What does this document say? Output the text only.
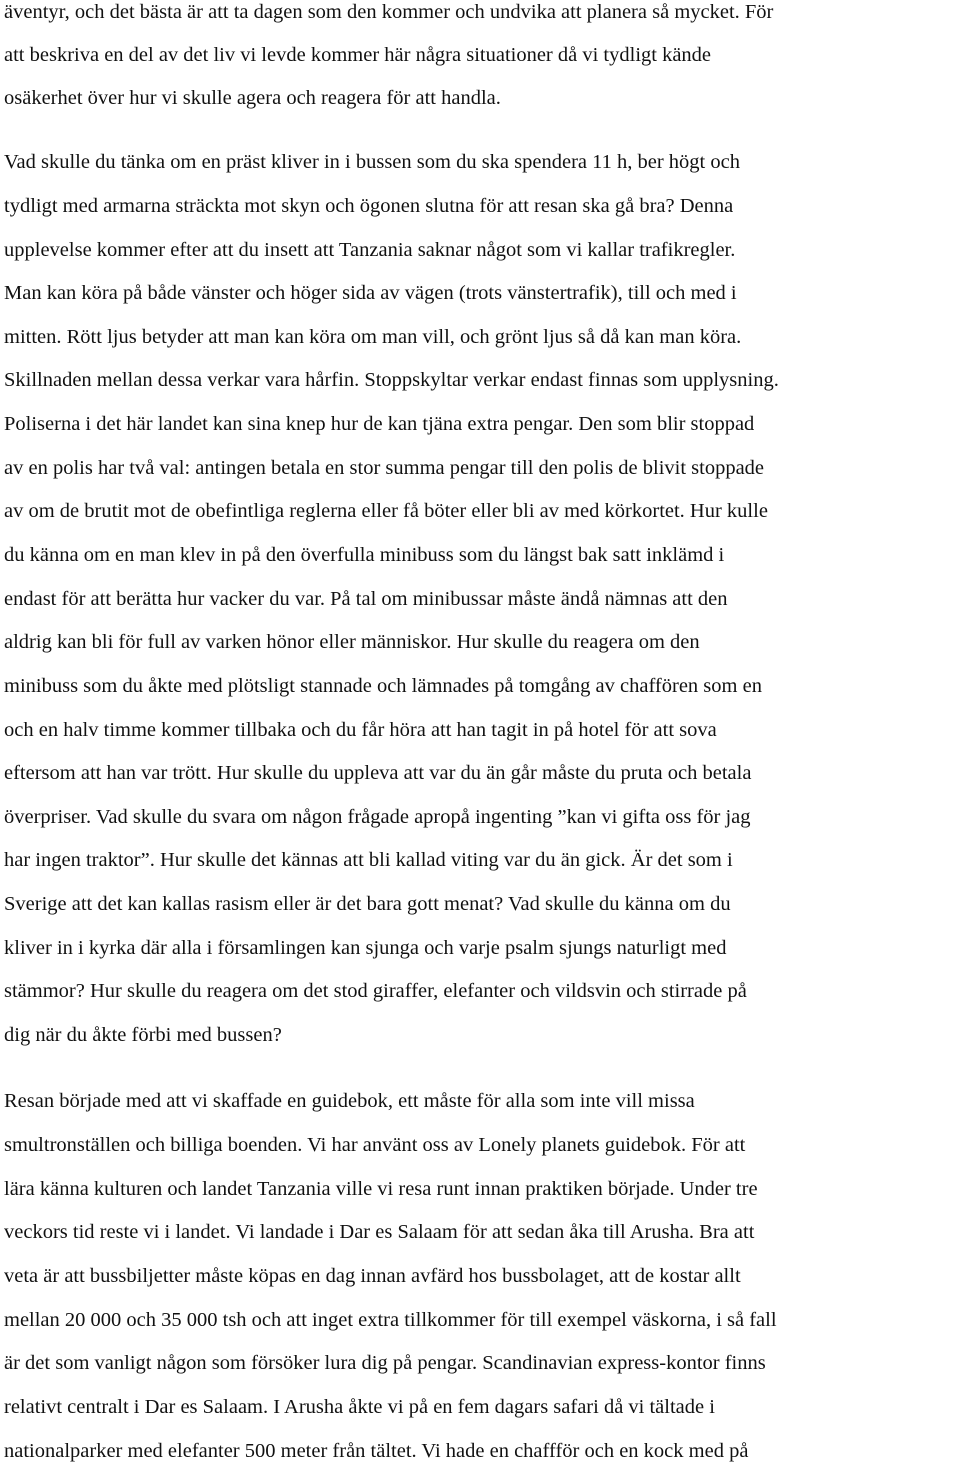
äventyr, och det bästa är att ta dagen som den kommer och undvika att planera så mycket. För
att beskriva en del av det liv vi levde kommer här några situationer då vi tydligt kände
osäkerhet över hur vi skulle agera och reagera för att handla.
Vad skulle du tänka om en präst kliver in i bussen som du ska spendera 11 h, ber högt och
tydligt med armarna sträckta mot skyn och ögonen slutna för att resan ska gå bra? Denna
upplevelse kommer efter att du insett att Tanzania saknar något som vi kallar trafikregler.
Man kan köra på både vänster och höger sida av vägen (trots vänstertrafik), till och med i
mitten. Rött ljus betyder att man kan köra om man vill, och grönt ljus så då kan man köra.
Skillnaden mellan dessa verkar vara hårfin. Stoppskyltar verkar endast finnas som upplysning.
Poliserna i det här landet kan sina knep hur de kan tjäna extra pengar. Den som blir stoppad
av en polis har två val: antingen betala en stor summa pengar till den polis de blivit stoppade
av om de brutit mot de obefintliga reglerna eller få böter eller bli av med körkortet. Hur kulle
du känna om en man klev in på den överfulla minibuss som du längst bak satt inklämd i
endast för att berätta hur vacker du var. På tal om minibussar måste ändå nämnas att den
aldrig kan bli för full av varken hönor eller människor. Hur skulle du reagera om den
minibuss som du åkte med plötsligt stannade och lämnades på tomgång av chaffören som en
och en halv timme kommer tillbaka och du får höra att han tagit in på hotel för att sova
eftersom att han var trött. Hur skulle du uppleva att var du än går måste du pruta och betala
överpriser. Vad skulle du svara om någon frågade apropå ingenting ”kan vi gifta oss för jag
har ingen traktor”. Hur skulle det kännas att bli kallad viting var du än gick. Är det som i
Sverige att det kan kallas rasism eller är det bara gott menat? Vad skulle du känna om du
kliver in i kyrka där alla i församlingen kan sjunga och varje psalm sjungs naturligt med
stämmor? Hur skulle du reagera om det stod giraffer, elefanter och vildsvin och stirrade på
dig när du åkte förbi med bussen?
Resan började med att vi skaffade en guidebok, ett måste för alla som inte vill missa
smultronställen och billiga boenden. Vi har använt oss av Lonely planets guidebok. För att
lära känna kulturen och landet Tanzania ville vi resa runt innan praktiken började. Under tre
veckors tid reste vi i landet. Vi landade i Dar es Salaam för att sedan åka till Arusha. Bra att
veta är att bussbiljetter måste köpas en dag innan avfärd hos bussbolaget, att de kostar allt
mellan 20 000 och 35 000 tsh och att inget extra tillkommer för till exempel väskorna, i så fall
är det som vanligt någon som försöker lura dig på pengar. Scandinavian express-kontor finns
relativt centralt i Dar es Salaam. I Arusha åkte vi på en fem dagars safari då vi tältade i
nationalparker med elefanter 500 meter från tältet. Vi hade en chaffför och en kock med på
